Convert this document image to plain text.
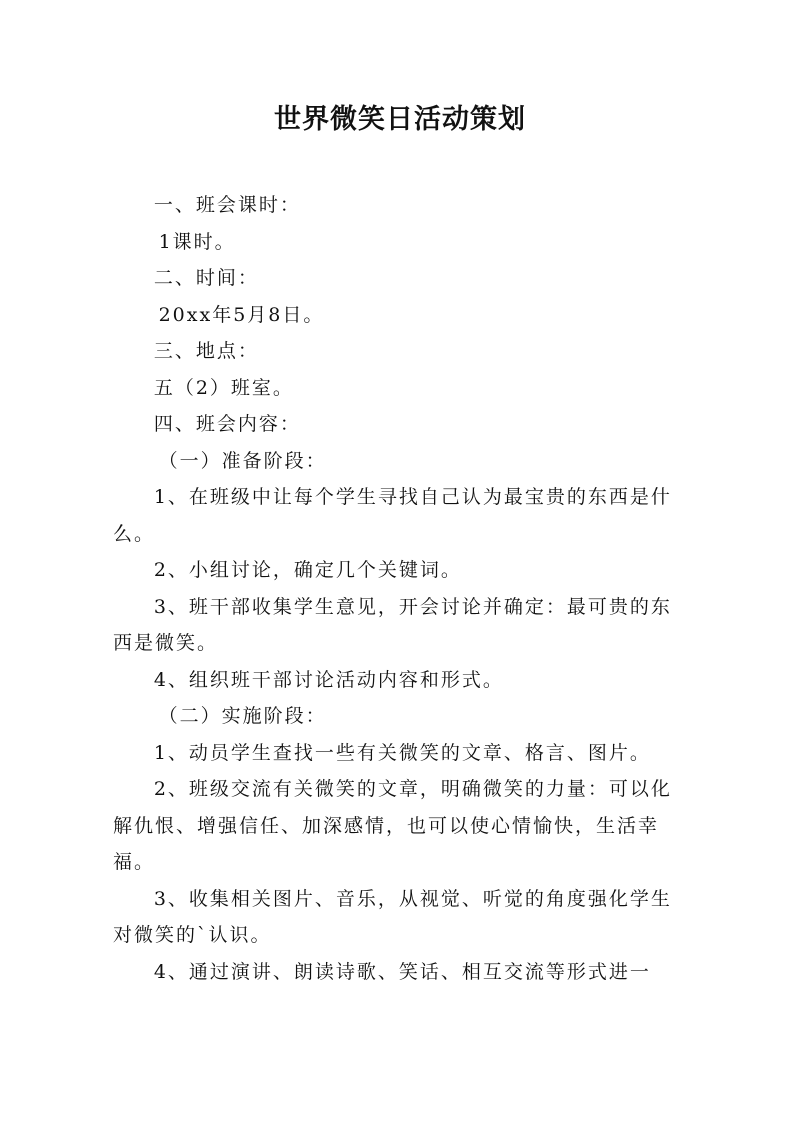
世界微笑日活动策划

一、班会课时：

1课时。

二、时间：

20xx年5月8日。

三、地点：

五（2）班室。

四、班会内容：

（一）准备阶段：

1、在班级中让每个学生寻找自己认为最宝贵的东西是什么。

2、小组讨论，确定几个关键词。

3、班干部收集学生意见，开会讨论并确定：最可贵的东西是微笑。

4、组织班干部讨论活动内容和形式。

（二）实施阶段：

1、动员学生查找一些有关微笑的文章、格言、图片。

2、班级交流有关微笑的文章，明确微笑的力量：可以化解仇恨、增强信任、加深感情，也可以使心情愉快，生活幸福。

3、收集相关图片、音乐，从视觉、听觉的角度强化学生对微笑的`认识。

4、通过演讲、朗读诗歌、笑话、相互交流等形式进一
